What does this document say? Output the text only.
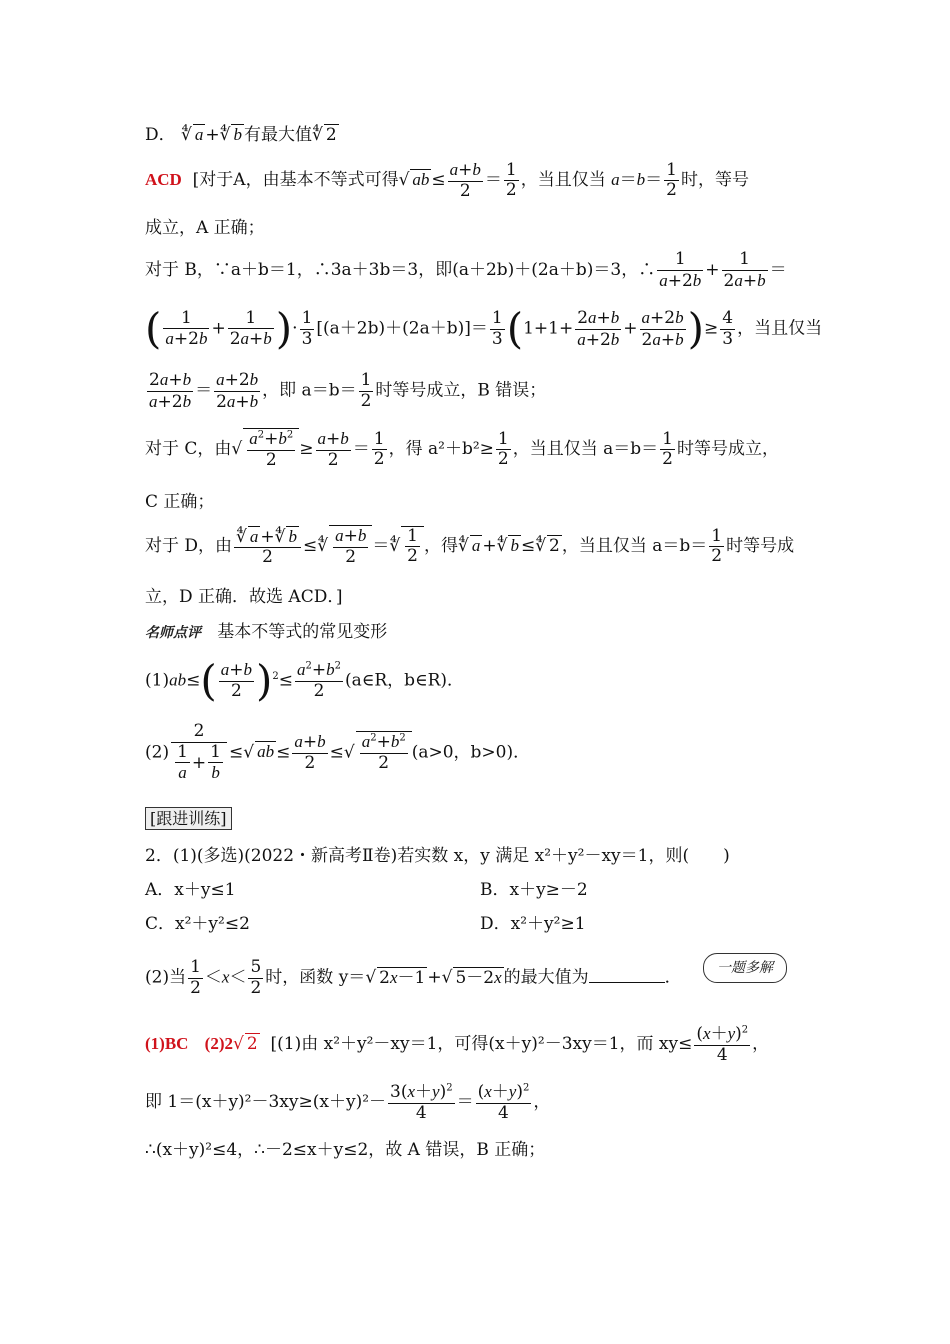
D． ∜ a +∜ b 有最大值∜ 2
ACD [对于A，由基本不等式可得√ ab ≤ $\frac{a+b}{2} = \frac{1}{2}$ ，当且仅当 $a=b= \frac{1}{2}$ 时，等号
成立，A 正确；
对于 B，∵a＋b＝1，∴3a＋3b＝3，即(a＋2b)＋(2a＋b)＝3，∴ $\frac{1}{a+2b} + \frac{1}{2a+b}$ ＝
( $\frac{1}{a+2b} + \frac{1}{2a+b}$ )· $\frac{1}{3} [(a+2b)+(2a+b)]= \frac{1}{3} (1+1+ \frac{2a+b}{a+2b} + \frac{a+2b}{2a+b}$ )≥ $\frac{4}{3}$ ，当且仅当
$\frac{2a+b}{a+2b} = \frac{a+2b}{2a+b}$ ，即 $a=b= \frac{1}{2}$ 时等号成立，B 错误；
对于 C，由√ $\frac{a^2+b^2}{2} \ge \frac{a+b}{2} = \frac{1}{2}$ ，得 $a^2+b^2\ge \frac{1}{2}$ ，当且仅当 $a=b= \frac{1}{2}$ 时等号成立，
C 正确；
对于 D，由 $\frac{∜ a +∜ b}{2}$ ≤∜ $\frac{a+b}{2}$ ＝∜ $\frac{1}{2}$ ，得∜ a +∜ b ≤∜ 2 ，当且仅当 $a=b= \frac{1}{2}$ 时等号成
立，D 正确．故选 ACD．]
名师点评 基本不等式的常见变形
$(1)ab\le( \frac{a+b}{2} )^2\le \frac{a^2+b^2}{2}$ (a∈R，b∈R)．
$(2) \frac{2}{\frac{1}{a} + \frac{1}{b}}$ ≤√ ab ≤ $\frac{a+b}{2}$ ≤√ $\frac{a^2+b^2}{2} (a>0$，b>0)．
[跟进训练]
2．(1)(多选)(2022・新高考Ⅱ卷)若实数 x，y 满足 x²＋y²－xy＝1，则(　　)
A．x＋y≤1	B．x＋y≥－2
C．x²＋y²≤2	D．x²＋y²≥1
(2)当 $\frac{1}{2} <x< \frac{5}{2}$ 时，函数 y＝√ 2x－1 +√ 5－2x 的最大值为	．	一题多解
(1)BC (2)2√ 2 [(1)由 x²＋y²－xy＝1，可得(x＋y)²－3xy＝1，而 $xy\le \frac{(x+y)^2}{4}$ ，
即 $1=(x+y)^2-3xy\ge(x+y)^2- \frac{3(x+y)^2}{4} = \frac{(x+y)^2}{4}$ ，
∴(x＋y)²≤4，∴－2≤x＋y≤2，故 A 错误，B 正确；
